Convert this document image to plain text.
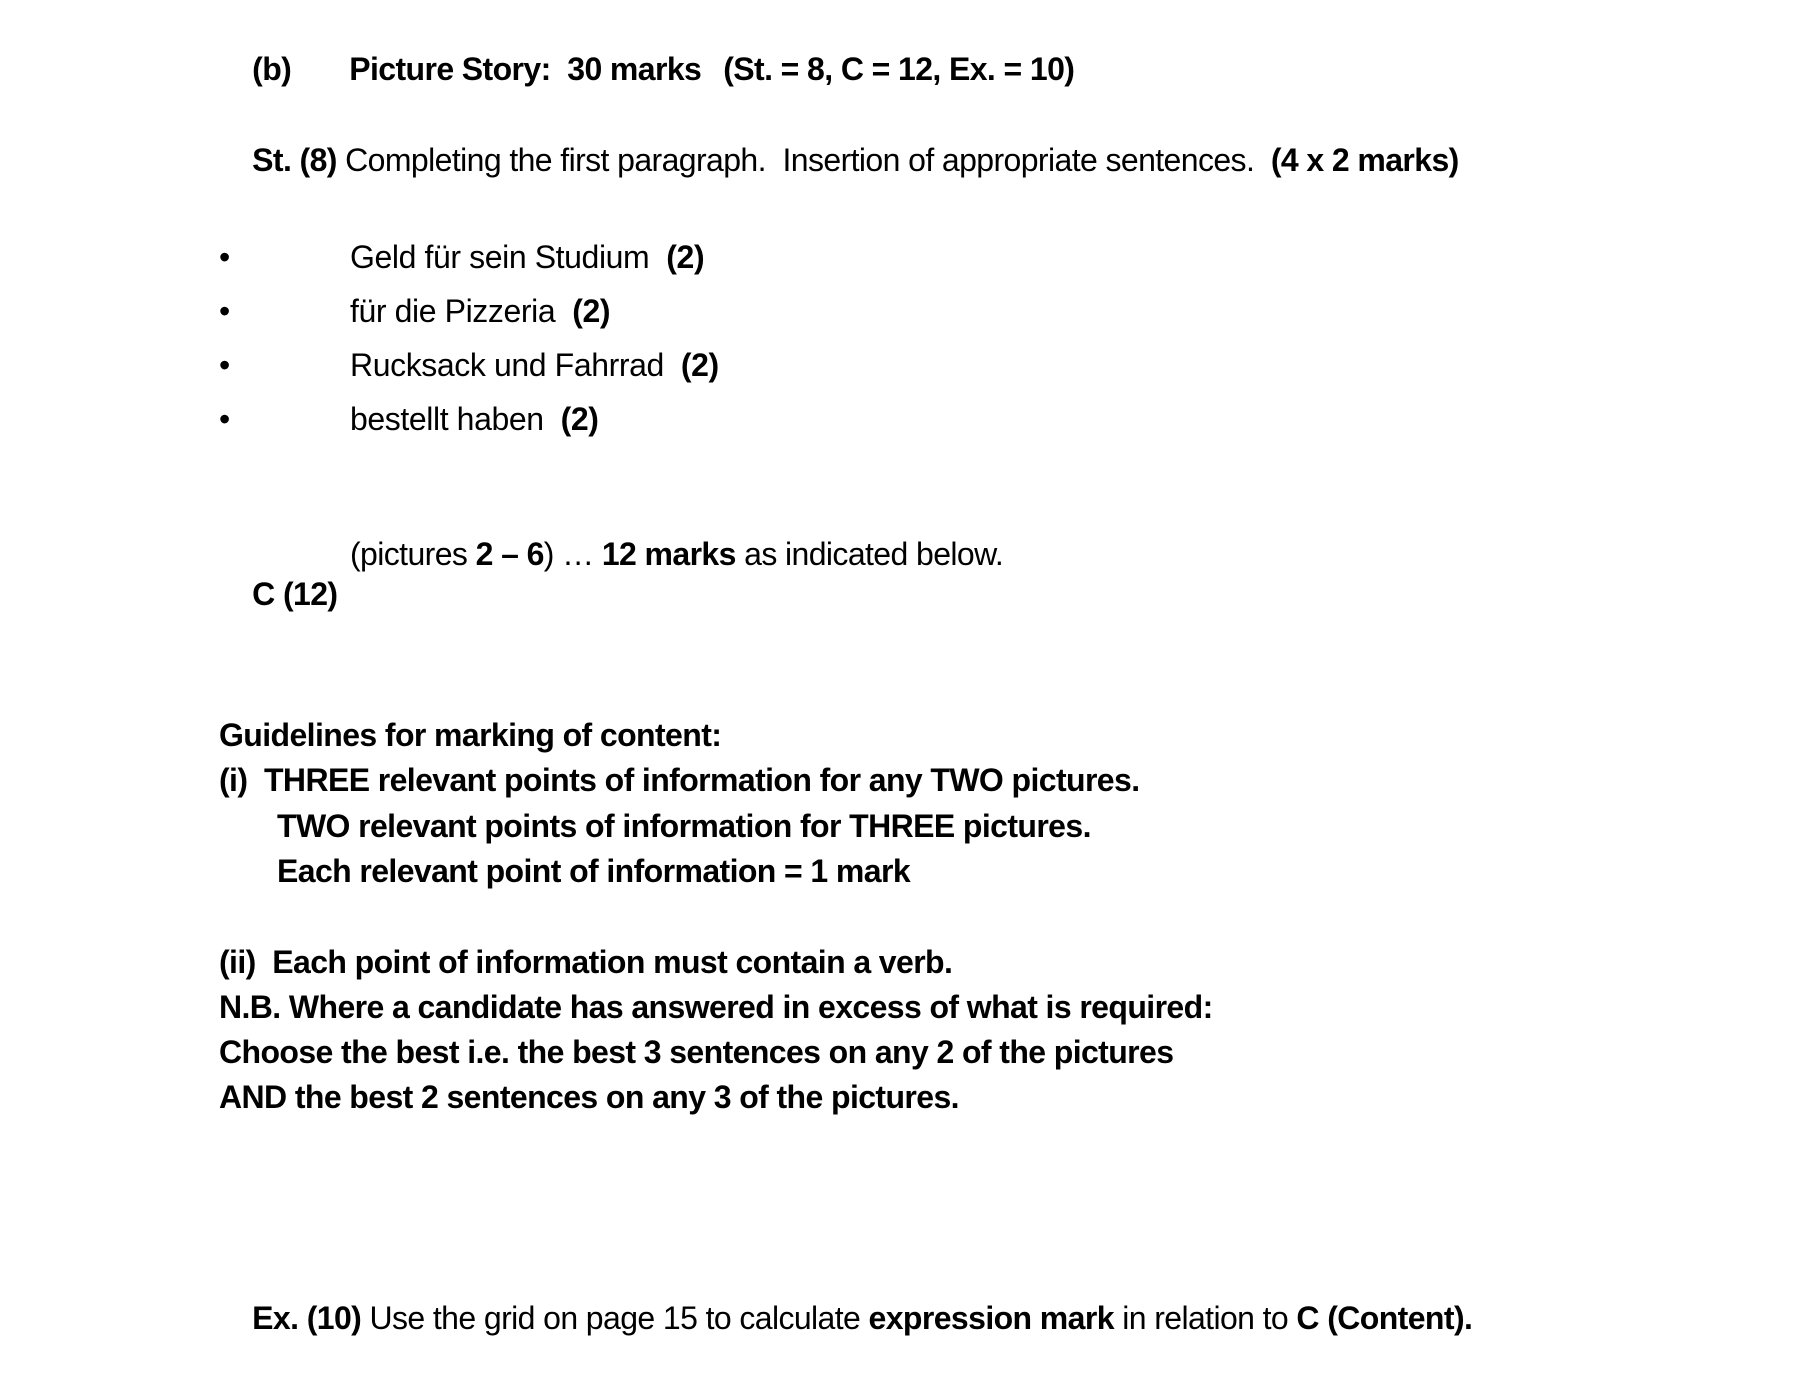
(b) Picture Story:  30 marks (St. = 8, C = 12, Ex. = 10)

St. (8) Completing the first paragraph.  Insertion of appropriate sentences.  (4 x 2 marks)

•	Geld für sein Studium  (2)
•	für die Pizzeria  (2)
•	Rucksack und Fahrrad  (2)
•	bestellt haben  (2)

C (12)
(pictures 2 – 6) … 12 marks as indicated below.

Guidelines for marking of content:
(i)  THREE relevant points of information for any TWO pictures.
TWO relevant points of information for THREE pictures.
Each relevant point of information = 1 mark
(ii)  Each point of information must contain a verb.
N.B. Where a candidate has answered in excess of what is required:
Choose the best i.e. the best 3 sentences on any 2 of the pictures
AND the best 2 sentences on any 3 of the pictures.

Ex. (10) Use the grid on page 15 to calculate expression mark in relation to C (Content).
